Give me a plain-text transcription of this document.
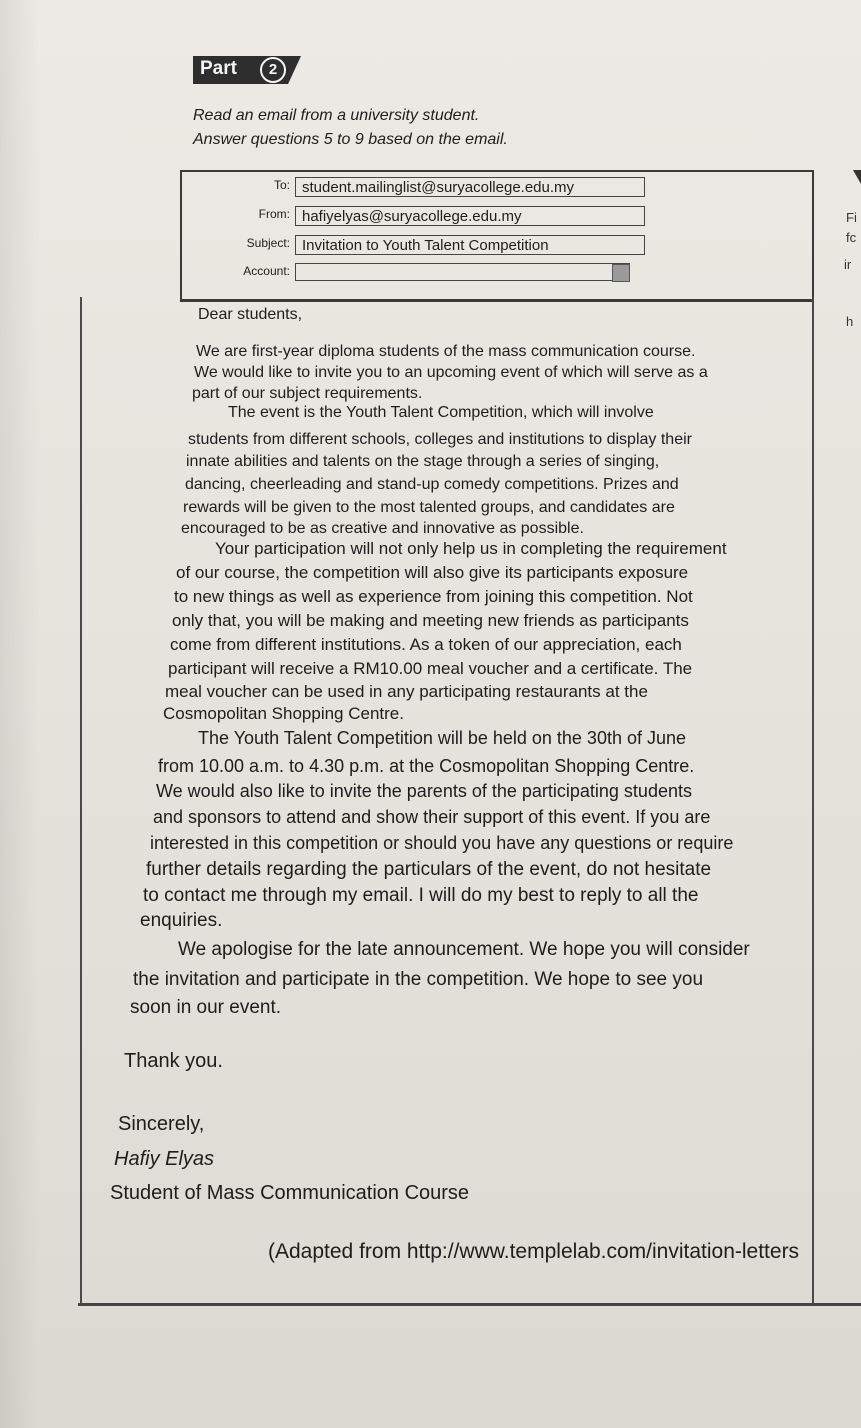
Part	2
Read an email from a university student.
Answer questions 5 to 9 based on the email.
To: student.mailinglist@suryacollege.edu.my
From: hafiyelyas@suryacollege.edu.my
Subject: Invitation to Youth Talent Competition
Account:
Dear students,
We are first-year diploma students of the mass communication course.
We would like to invite you to an upcoming event of which will serve as a
part of our subject requirements.
The event is the Youth Talent Competition, which will involve
students from different schools, colleges and institutions to display their
innate abilities and talents on the stage through a series of singing,
dancing, cheerleading and stand-up comedy competitions. Prizes and
rewards will be given to the most talented groups, and candidates are
encouraged to be as creative and innovative as possible.
Your participation will not only help us in completing the requirement
of our course, the competition will also give its participants exposure
to new things as well as experience from joining this competition. Not
only that, you will be making and meeting new friends as participants
come from different institutions. As a token of our appreciation, each
participant will receive a RM10.00 meal voucher and a certificate. The
meal voucher can be used in any participating restaurants at the
Cosmopolitan Shopping Centre.
The Youth Talent Competition will be held on the 30th of June
from 10.00 a.m. to 4.30 p.m. at the Cosmopolitan Shopping Centre.
We would also like to invite the parents of the participating students
and sponsors to attend and show their support of this event. If you are
interested in this competition or should you have any questions or require
further details regarding the particulars of the event, do not hesitate
to contact me through my email. I will do my best to reply to all the
enquiries.
We apologise for the late announcement. We hope you will consider
the invitation and participate in the competition. We hope to see you
soon in our event.
Thank you.
Sincerely,
Hafiy Elyas
Student of Mass Communication Course
(Adapted from http://www.templelab.com/invitation-letters
Fi
fc
ir
h
